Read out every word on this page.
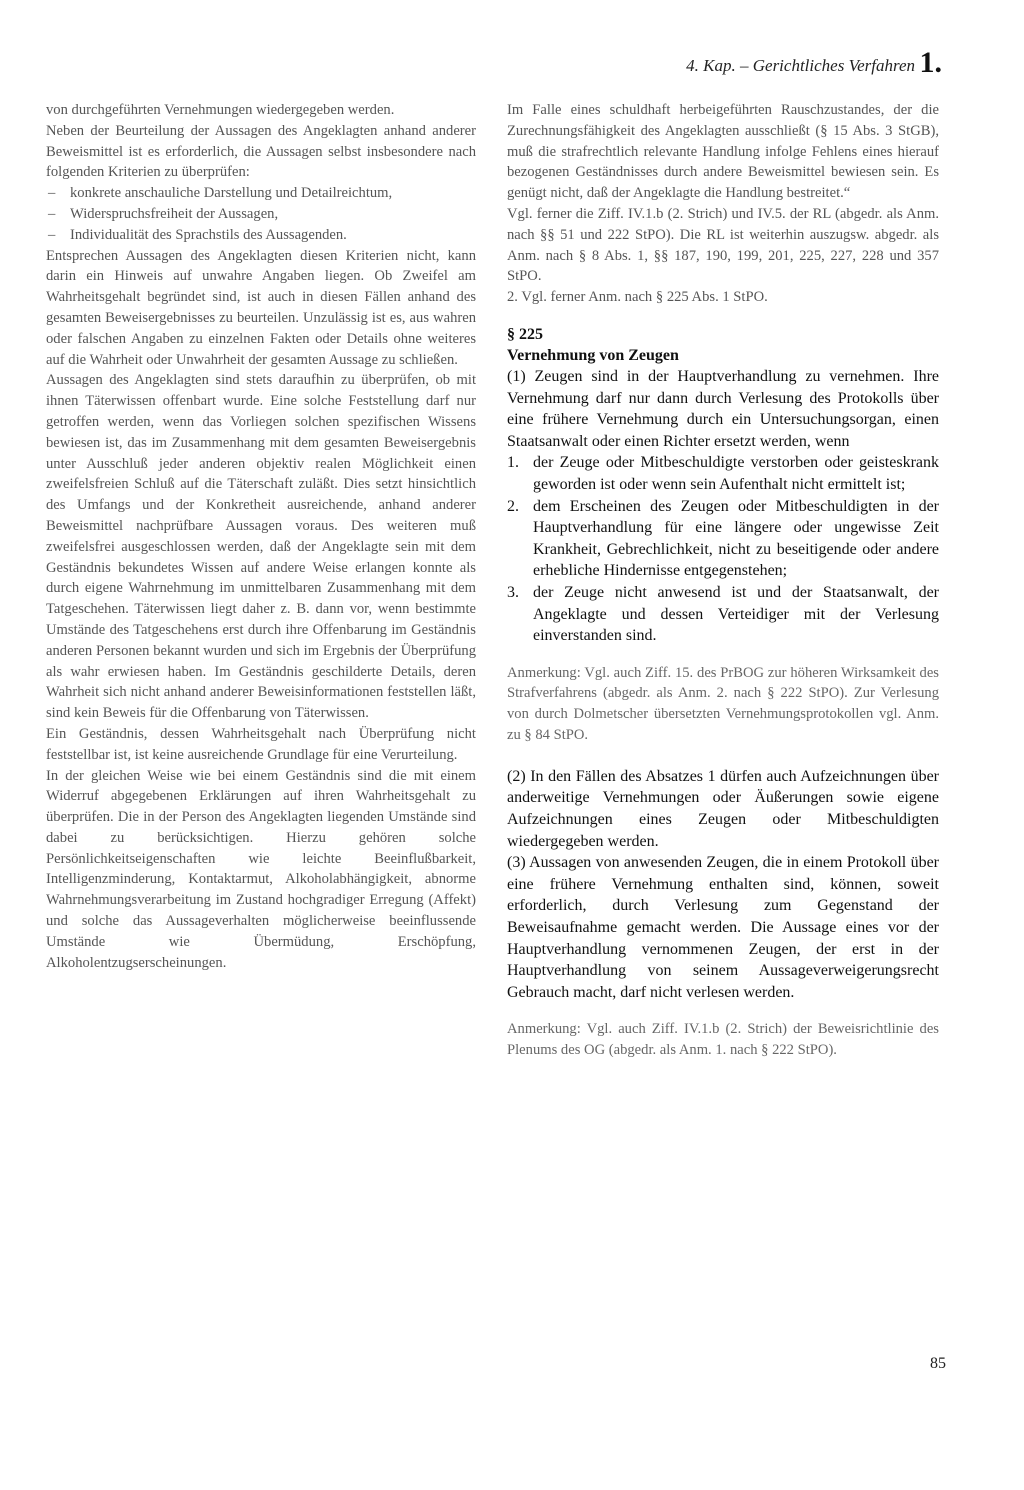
4. Kap. – Gerichtliches Verfahren 1.

von durchgeführten Vernehmungen wiedergegeben werden.

Neben der Beurteilung der Aussagen des Angeklagten anhand anderer Beweismittel ist es erforderlich, die Aussagen selbst insbesondere nach folgenden Kriterien zu überprüfen:

– konkrete anschauliche Darstellung und Detailreichtum,
– Widerspruchsfreiheit der Aussagen,
– Individualität des Sprachstils des Aussagenden.

Entsprechen Aussagen des Angeklagten diesen Kriterien nicht, kann darin ein Hinweis auf unwahre Angaben liegen. Ob Zweifel am Wahrheitsgehalt begründet sind, ist auch in diesen Fällen anhand des gesamten Beweisergebnisses zu beurteilen. Unzulässig ist es, aus wahren oder falschen Angaben zu einzelnen Fakten oder Details ohne weiteres auf die Wahrheit oder Unwahrheit der gesamten Aussage zu schließen.

Aussagen des Angeklagten sind stets daraufhin zu überprüfen, ob mit ihnen Täterwissen offenbart wurde. Eine solche Feststellung darf nur getroffen werden, wenn das Vorliegen solchen spezifischen Wissens bewiesen ist, das im Zusammenhang mit dem gesamten Beweisergebnis unter Ausschluß jeder anderen objektiv realen Möglichkeit einen zweifelsfreien Schluß auf die Täterschaft zuläßt. Dies setzt hinsichtlich des Umfangs und der Konkretheit ausreichende, anhand anderer Beweismittel nachprüfbare Aussagen voraus. Des weiteren muß zweifelsfrei ausgeschlossen werden, daß der Angeklagte sein mit dem Geständnis bekundetes Wissen auf andere Weise erlangen konnte als durch eigene Wahrnehmung im unmittelbaren Zusammenhang mit dem Tatgeschehen. Täterwissen liegt daher z. B. dann vor, wenn bestimmte Umstände des Tatgeschehens erst durch ihre Offenbarung im Geständnis anderen Personen bekannt wurden und sich im Ergebnis der Überprüfung als wahr erwiesen haben. Im Geständnis geschilderte Details, deren Wahrheit sich nicht anhand anderer Beweisinformationen feststellen läßt, sind kein Beweis für die Offenbarung von Täterwissen.

Ein Geständnis, dessen Wahrheitsgehalt nach Überprüfung nicht feststellbar ist, ist keine ausreichende Grundlage für eine Verurteilung.

In der gleichen Weise wie bei einem Geständnis sind die mit einem Widerruf abgegebenen Erklärungen auf ihren Wahrheitsgehalt zu überprüfen. Die in der Person des Angeklagten liegenden Umstände sind dabei zu berücksichtigen. Hierzu gehören solche Persönlichkeitseigenschaften wie leichte Beeinflußbarkeit, Intelligenzminderung, Kontaktarmut, Alkoholabhängigkeit, abnorme Wahrnehmungsverarbeitung im Zustand hochgradiger Erregung (Affekt) und solche das Aussageverhalten möglicherweise beeinflussende Umstände wie Übermüdung, Erschöpfung, Alkoholentzugserscheinungen.

Im Falle eines schuldhaft herbeigeführten Rauschzustandes, der die Zurechnungsfähigkeit des Angeklagten ausschließt (§ 15 Abs. 3 StGB), muß die strafrechtlich relevante Handlung infolge Fehlens eines hierauf bezogenen Geständnisses durch andere Beweismittel bewiesen sein. Es genügt nicht, daß der Angeklagte die Handlung bestreitet.“

Vgl. ferner die Ziff. IV.1.b (2. Strich) und IV.5. der RL (abgedr. als Anm. nach §§ 51 und 222 StPO). Die RL ist weiterhin auszugsw. abgedr. als Anm. nach § 8 Abs. 1, §§ 187, 190, 199, 201, 225, 227, 228 und 357 StPO.

2. Vgl. ferner Anm. nach § 225 Abs. 1 StPO.

§ 225
Vernehmung von Zeugen

(1) Zeugen sind in der Hauptverhandlung zu vernehmen. Ihre Vernehmung darf nur dann durch Verlesung des Protokolls über eine frühere Vernehmung durch ein Untersuchungsorgan, einen Staatsanwalt oder einen Richter ersetzt werden, wenn

1. der Zeuge oder Mitbeschuldigte verstorben oder geisteskrank geworden ist oder wenn sein Aufenthalt nicht ermittelt ist;
2. dem Erscheinen des Zeugen oder Mitbeschuldigten in der Hauptverhandlung für eine längere oder ungewisse Zeit Krankheit, Gebrechlichkeit, nicht zu beseitigende oder andere erhebliche Hindernisse entgegenstehen;
3. der Zeuge nicht anwesend ist und der Staatsanwalt, der Angeklagte und dessen Verteidiger mit der Verlesung einverstanden sind.
Anmerkung: Vgl. auch Ziff. 15. des PrBOG zur höheren Wirksamkeit des Strafverfahrens (abgedr. als Anm. 2. nach § 222 StPO). Zur Verlesung von durch Dolmetscher übersetzten Vernehmungsprotokollen vgl. Anm. zu § 84 StPO.

(2) In den Fällen des Absatzes 1 dürfen auch Aufzeichnungen über anderweitige Vernehmungen oder Äußerungen sowie eigene Aufzeichnungen eines Zeugen oder Mitbeschuldigten wiedergegeben werden.

(3) Aussagen von anwesenden Zeugen, die in einem Protokoll über eine frühere Vernehmung enthalten sind, können, soweit erforderlich, durch Verlesung zum Gegenstand der Beweisaufnahme gemacht werden. Die Aussage eines vor der Hauptverhandlung vernommenen Zeugen, der erst in der Hauptverhandlung von seinem Aussageverweigerungsrecht Gebrauch macht, darf nicht verlesen werden.

Anmerkung: Vgl. auch Ziff. IV.1.b (2. Strich) der Beweisrichtlinie des Plenums des OG (abgedr. als Anm. 1. nach § 222 StPO).
85
